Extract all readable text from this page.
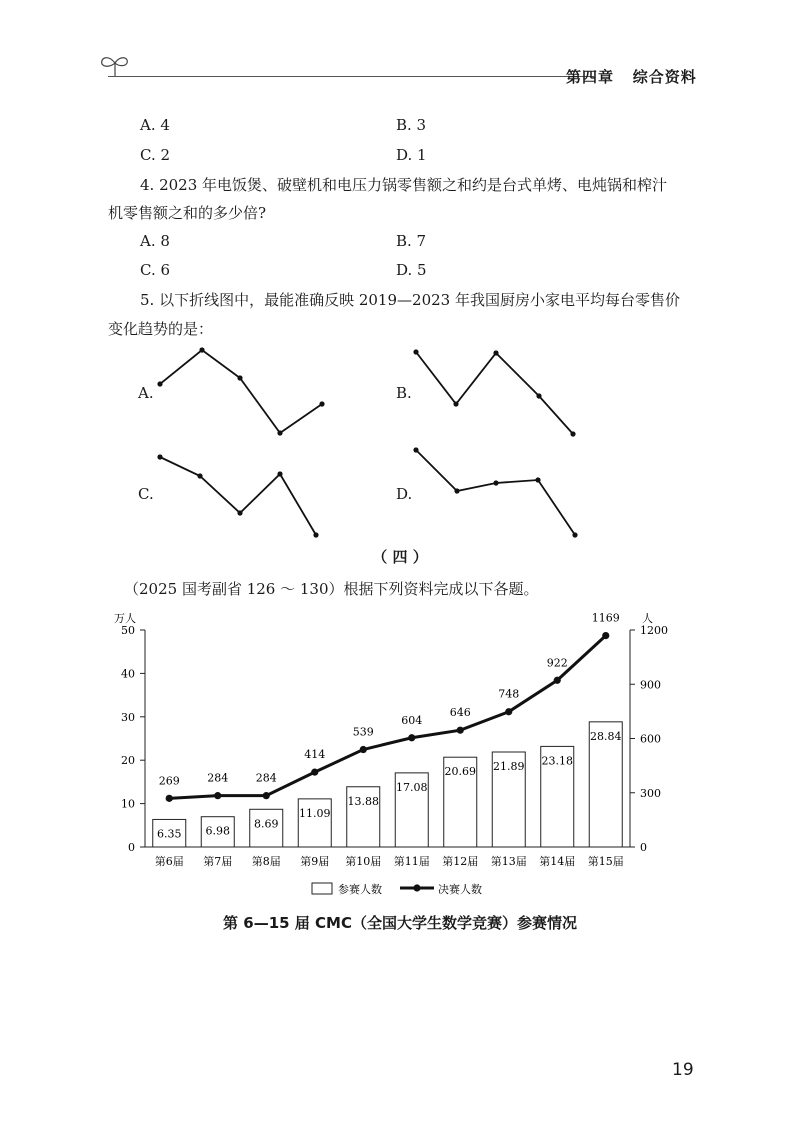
第四章 综合资料
A. 4	B. 3
C. 2	D. 1
4. 2023 年电饭煲、破壁机和电压力锅零售额之和约是台式单烤、电炖锅和榨汁
机零售额之和的多少倍?
A. 8	B. 7
C. 6	D. 5
5. 以下折线图中，最能准确反映 2019—2023 年我国厨房小家电平均每台零售价
变化趋势的是：
A.	B.
C.	D.
（ 四 ）
（2025 国考副省 126 ～ 130）根据下列资料完成以下各题。
0
10
20
30
40
50
万人
0
300
600
900
1200
人
6.35 6.98
8.69
11.09
13.88
17.08
20.69 21.89 23.18
28.84
第6届 第7届 第8届 第9届 第10届 第11届 第12届 第13届 第14届 第15届
269	284	284
414
539
604
646
748
922
1169
参赛人数	决赛人数
第 6—15 届 CMC（全国大学生数学竞赛）参赛情况
19
